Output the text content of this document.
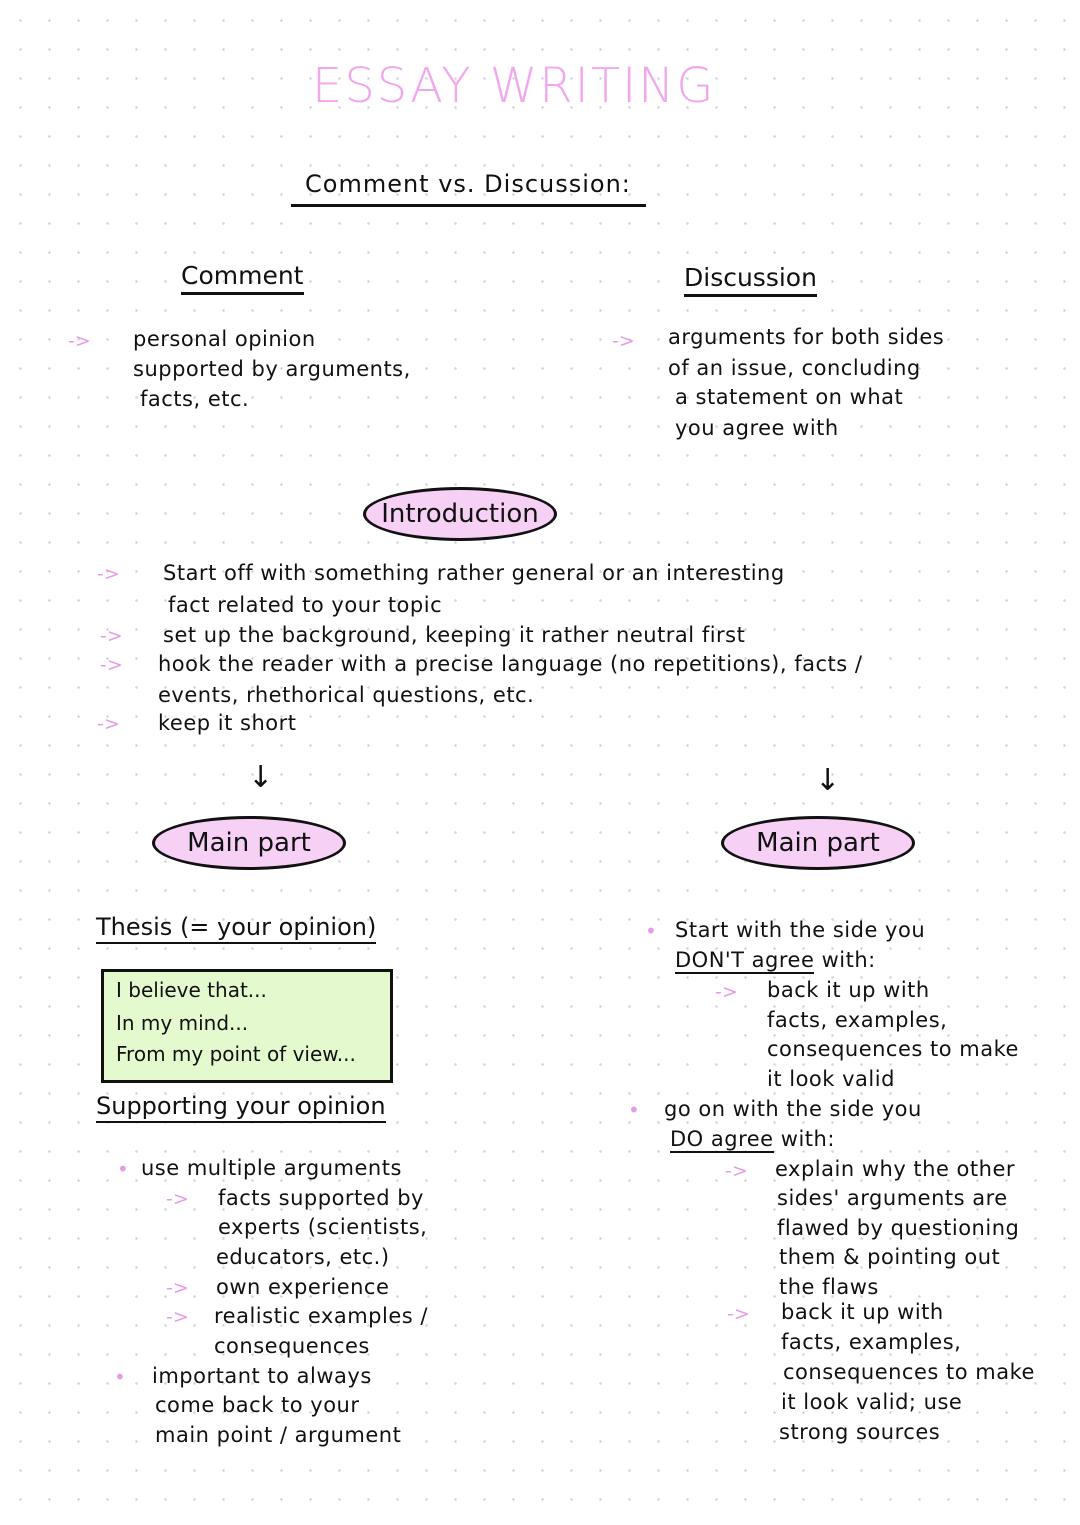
ESSAY WRITING
Comment vs. Discussion:
Comment
-> personal opinion
supported by arguments,
facts, etc.
Discussion
-> arguments for both sides
of an issue, concluding
a statement on what
you agree with
Introduction
-> Start off with something rather general or an interesting
fact related to your topic
-> set up the background, keeping it rather neutral first
-> hook the reader with a precise language (no repetitions), facts /
events, rhethorical questions, etc.
-> keep it short
↓	↓
Main part	Main part
Thesis (= your opinion)
I believe that...
In my mind...
From my point of view...
Supporting your opinion
• use multiple arguments
-> facts supported by
experts (scientists,
educators, etc.)
-> own experience
-> realistic examples /
consequences
• important to always
come back to your
main point / argument
• Start with the side you
DON'T agree with:
-> back it up with
facts, examples,
consequences to make
it look valid
• go on with the side you
DO agree with:
-> explain why the other
sides' arguments are
flawed by questioning
them & pointing out
the flaws
-> back it up with
facts, examples,
consequences to make
it look valid; use
strong sources
